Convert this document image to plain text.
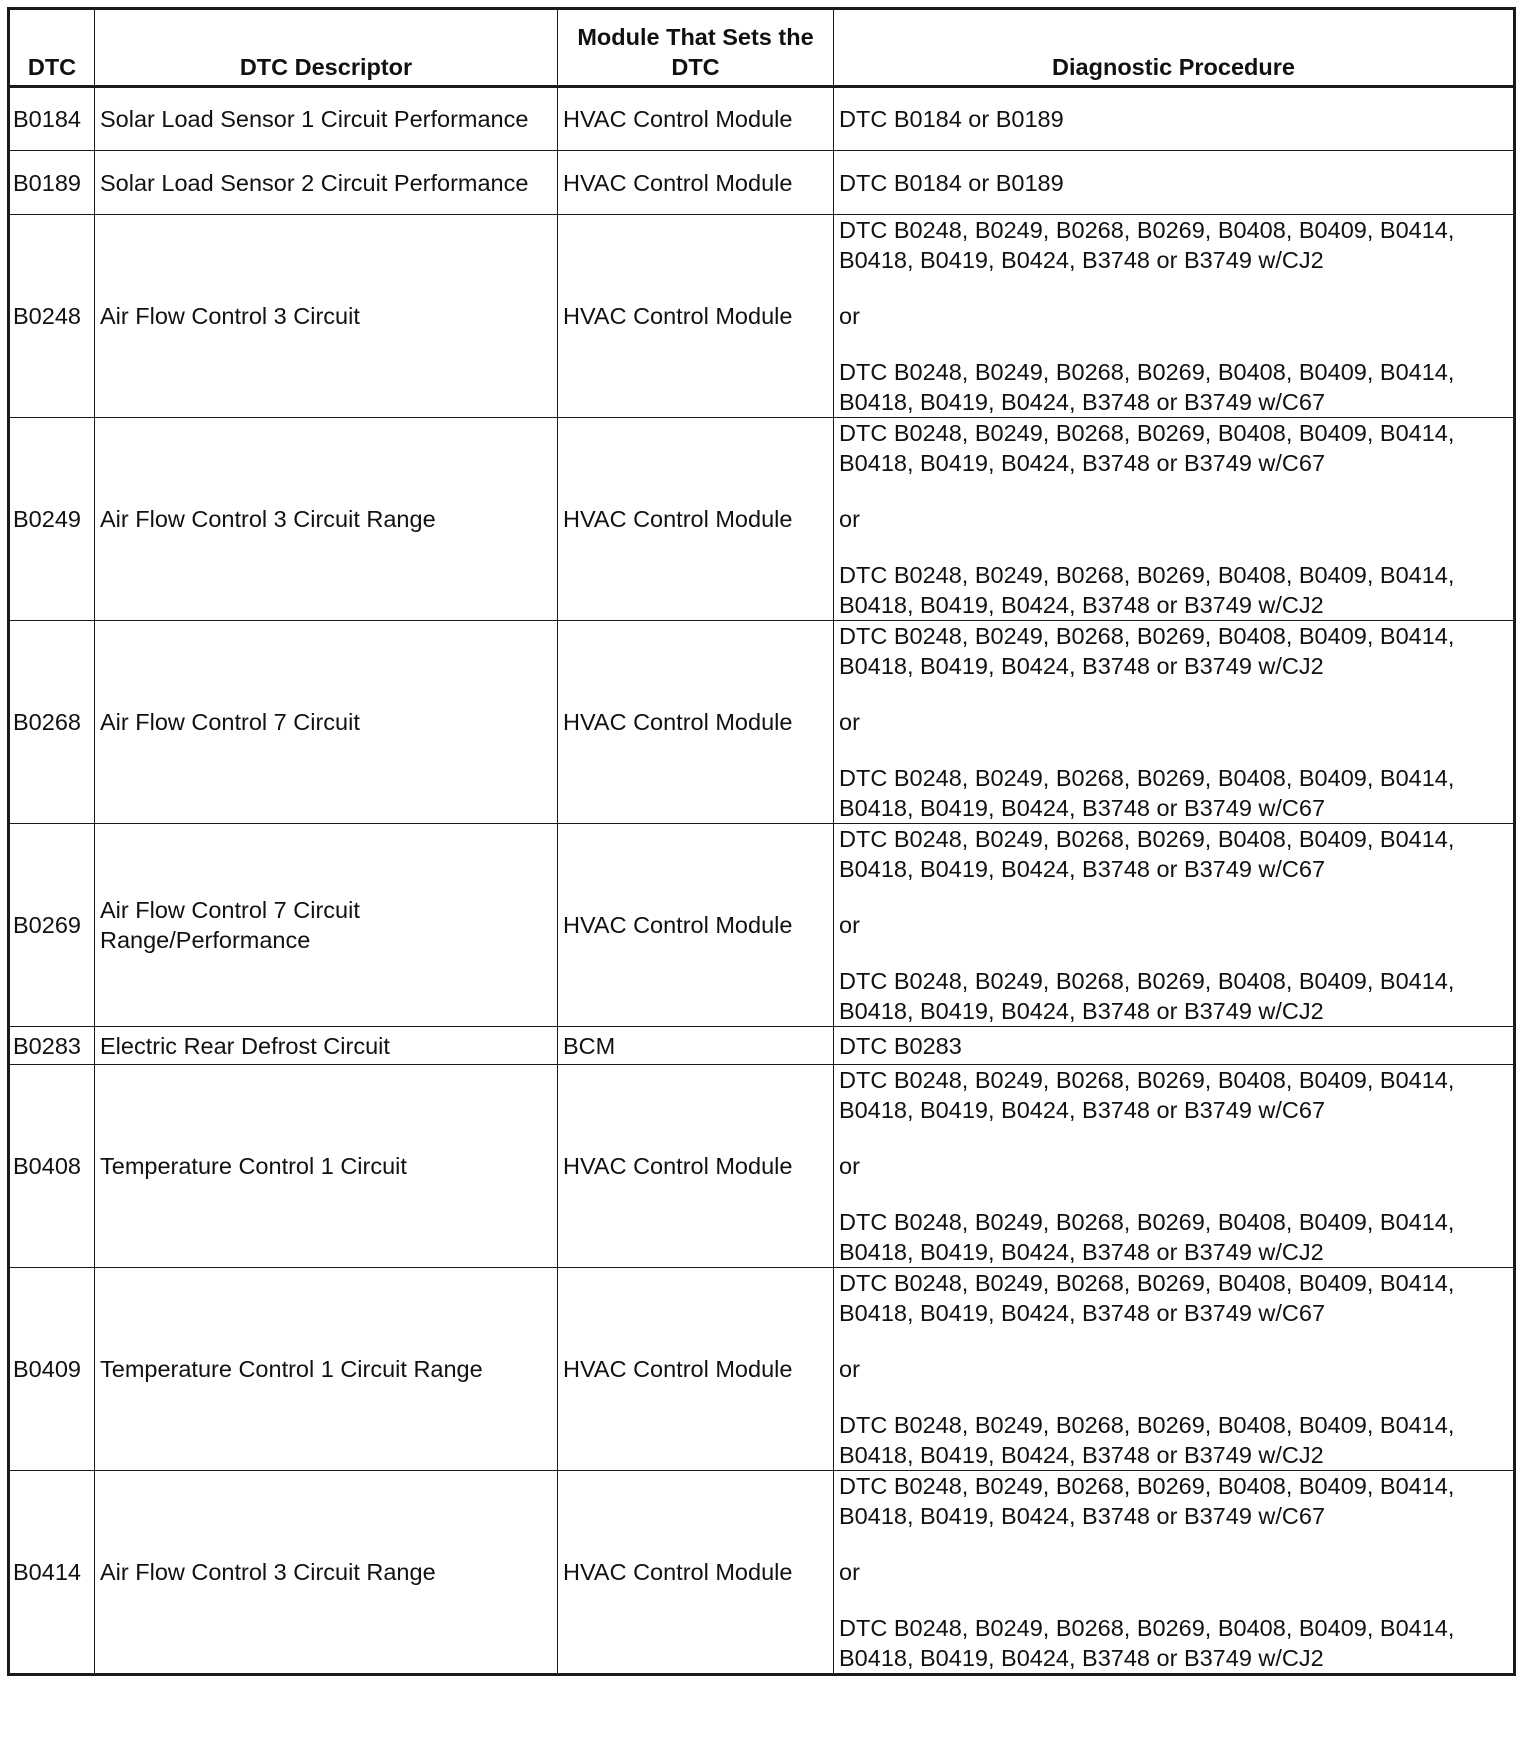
DTC	DTC Descriptor	Module That Sets the DTC	Diagnostic Procedure
B0184	Solar Load Sensor 1 Circuit Performance	HVAC Control Module	DTC B0184 or B0189

B0189	Solar Load Sensor 2 Circuit Performance	HVAC Control Module	DTC B0184 or B0189

B0248	Air Flow Control 3 Circuit	HVAC Control Module	DTC B0248, B0249, B0268, B0269, B0408, B0409, B0414, B0418, B0419, B0424, B3748 or B3749 w/CJ2
or
DTC B0248, B0249, B0268, B0269, B0408, B0409, B0414, B0418, B0419, B0424, B3748 or B3749 w/C67

B0249	Air Flow Control 3 Circuit Range	HVAC Control Module	DTC B0248, B0249, B0268, B0269, B0408, B0409, B0414, B0418, B0419, B0424, B3748 or B3749 w/C67
or
DTC B0248, B0249, B0268, B0269, B0408, B0409, B0414, B0418, B0419, B0424, B3748 or B3749 w/CJ2

B0268	Air Flow Control 7 Circuit	HVAC Control Module	DTC B0248, B0249, B0268, B0269, B0408, B0409, B0414, B0418, B0419, B0424, B3748 or B3749 w/CJ2
or
DTC B0248, B0249, B0268, B0269, B0408, B0409, B0414, B0418, B0419, B0424, B3748 or B3749 w/C67

B0269	Air Flow Control 7 Circuit Range/Performance	HVAC Control Module	DTC B0248, B0249, B0268, B0269, B0408, B0409, B0414, B0418, B0419, B0424, B3748 or B3749 w/C67
or
DTC B0248, B0249, B0268, B0269, B0408, B0409, B0414, B0418, B0419, B0424, B3748 or B3749 w/CJ2

B0283	Electric Rear Defrost Circuit	BCM	DTC B0283

B0408	Temperature Control 1 Circuit	HVAC Control Module	DTC B0248, B0249, B0268, B0269, B0408, B0409, B0414, B0418, B0419, B0424, B3748 or B3749 w/C67
or
DTC B0248, B0249, B0268, B0269, B0408, B0409, B0414, B0418, B0419, B0424, B3748 or B3749 w/CJ2

B0409	Temperature Control 1 Circuit Range	HVAC Control Module	DTC B0248, B0249, B0268, B0269, B0408, B0409, B0414, B0418, B0419, B0424, B3748 or B3749 w/C67
or
DTC B0248, B0249, B0268, B0269, B0408, B0409, B0414, B0418, B0419, B0424, B3748 or B3749 w/CJ2

B0414	Air Flow Control 3 Circuit Range	HVAC Control Module	DTC B0248, B0249, B0268, B0269, B0408, B0409, B0414, B0418, B0419, B0424, B3748 or B3749 w/C67
or
DTC B0248, B0249, B0268, B0269, B0408, B0409, B0414, B0418, B0419, B0424, B3748 or B3749 w/CJ2
